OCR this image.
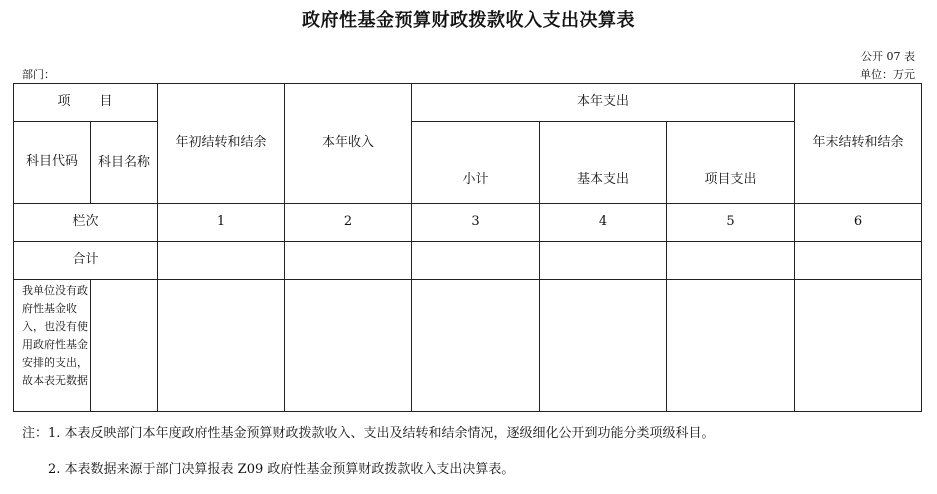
政府性基金预算财政拨款收入支出决算表
公开 07 表
部门：	单位：万元
项　　目		年初结转和结余	本年收入	本年支出			年末结转和结余
科目代码	科目名称			小计	基本支出	项目支出	
栏次		1	2	3	4	5	6
合计							
我单位没有政府性基金收入，也没有使用政府性基金安排的支出，故本表无数据							
注：1. 本表反映部门本年度政府性基金预算财政拨款收入、支出及结转和结余情况，逐级细化公开到功能分类项级科目。
2. 本表数据来源于部门决算报表 Z09 政府性基金预算财政拨款收入支出决算表。
